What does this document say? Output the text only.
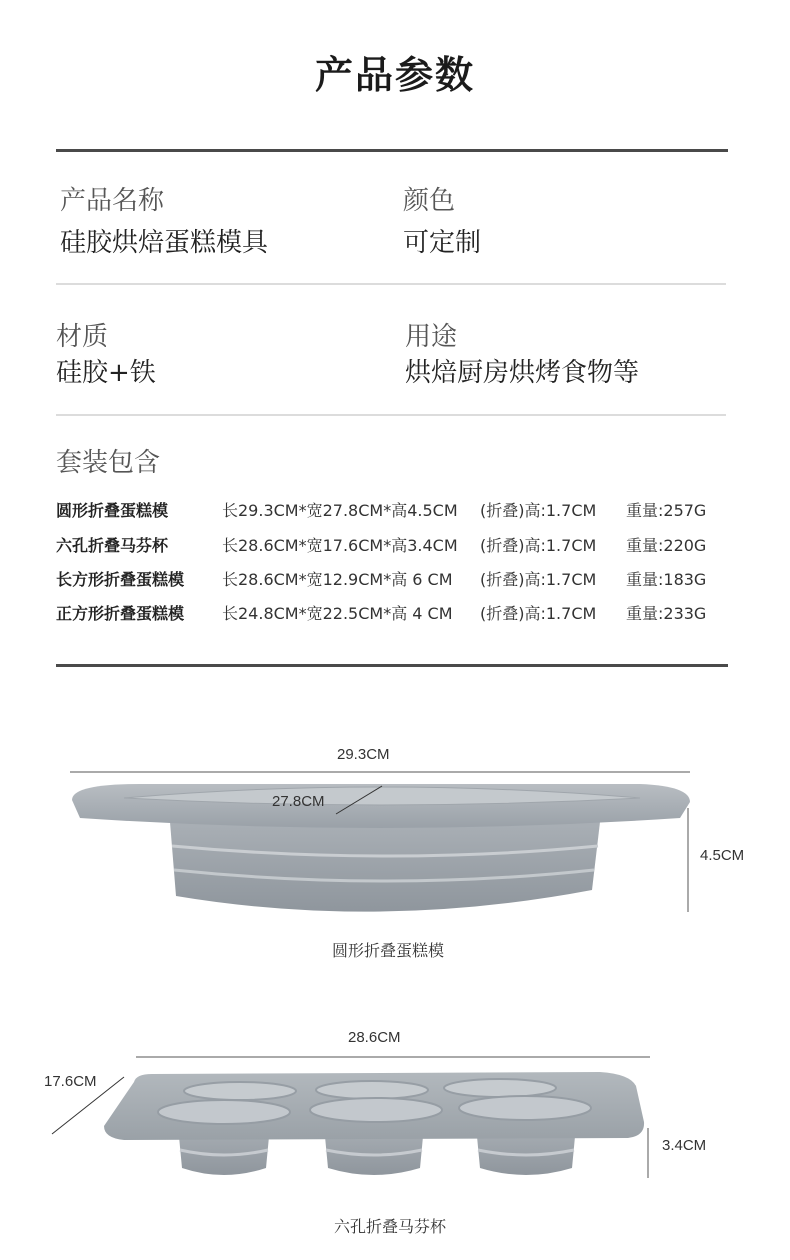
产品参数
产品名称
硅胶烘焙蛋糕模具
颜色
可定制
材质
硅胶+铁
用途
烘焙厨房烘烤食物等
套装包含
圆形折叠蛋糕模	长29.3CM*宽27.8CM*高4.5CM (折叠)高:1.7CM 重量:257G
六孔折叠马芬杯	长28.6CM*宽17.6CM*高3.4CM (折叠)高:1.7CM 重量:220G
长方形折叠蛋糕模 长28.6CM*宽12.9CM*高 6 CM (折叠)高:1.7CM 重量:183G
正方形折叠蛋糕模 长24.8CM*宽22.5CM*高 4 CM (折叠)高:1.7CM 重量:233G
29.3CM
27.8CM
4.5CM
圆形折叠蛋糕模
28.6CM
17.6CM
3.4CM
六孔折叠马芬杯
